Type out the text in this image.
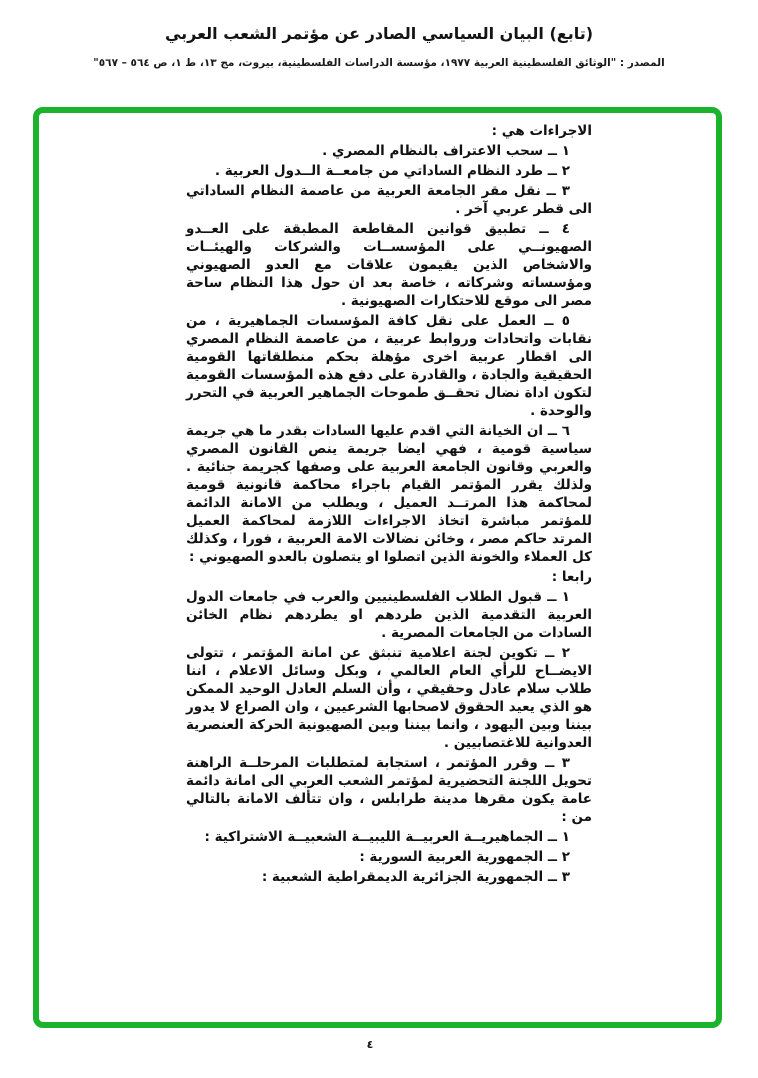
(تابع) البيان السياسي الصادر عن مؤتمر الشعب العربي
المصدر : "الوثائق الفلسطينية العربية ١٩٧٧، مؤسسة الدراسات الفلسطينية، بيروت، مج ١٣، ط ١، ص ٥٦٤ – ٥٦٧"

الاجراءات هي :

١ ــ سحب الاعتراف بالنظام المصري .

٢ ــ طرد النظام الساداتي من جامعــة الــدول العربية .

٣ ــ نقل مقر الجامعة العربية من عاصمة النظام الساداتي الى قطر عربي آخر .

٤ ــ تطبيق قوانين المقاطعة المطبقة على العــدو الصهيونــي على المؤسســات والشركات والهيئــات والاشخاص الذين يقيمون علاقات مع العدو الصهيوني ومؤسساته وشركاته ، خاصة بعد ان حول هذا النظام ساحة مصر الى موقع للاحتكارات الصهيونية .

٥ ــ العمل على نقل كافة المؤسسات الجماهيرية ، من نقابات واتحادات وروابط عربية ، من عاصمة النظام المصري الى اقطار عربية اخرى مؤهلة بحكم منطلقاتها القومية الحقيقية والجادة ، والقادرة على دفع هذه المؤسسات القومية لتكون اداة نضال تحقــق طموحات الجماهير العربية في التحرر والوحدة .

٦ ــ ان الخيانة التي اقدم عليها السادات بقدر ما هي جريمة سياسية قومية ، فهي ايضا جريمة ينص القانون المصري والعربي وقانون الجامعة العربية على وصفها كجريمة جنائية . ولذلك يقرر المؤتمر القيام باجراء محاكمة قانونية قومية لمحاكمة هذا المرتــد العميل ، ويطلب من الامانة الدائمة للمؤتمر مباشرة اتخاذ الاجراءات اللازمة لمحاكمة العميل المرتد حاكم مصر ، وخائن نضالات الامة العربية ، فورا ، وكذلك كل العملاء والخونة الذين اتصلوا او يتصلون بالعدو الصهيوني :

رابعا :

١ ــ قبول الطلاب الفلسطينيين والعرب في جامعات الدول العربية التقدمية الذين طردهم او يطردهم نظام الخائن السادات من الجامعات المصرية .

٢ ــ تكوين لجنة اعلامية تنبثق عن امانة المؤتمر ، تتولى الايضــاح للرأي العام العالمي ، وبكل وسائل الاعلام ، اننا طلاب سلام عادل وحقيقي ، وأن السلم العادل الوحيد الممكن هو الذي يعيد الحقوق لاصحابها الشرعيين ، وان الصراع لا يدور بيننا وبين اليهود ، وانما بيننا وبين الصهيونية الحركة العنصرية العدوانية للاغتصابيين .

٣ ــ وقرر المؤتمر ، استجابة لمتطلبات المرحلــة الراهنة تحويل اللجنة التحضيرية لمؤتمر الشعب العربي الى امانة دائمة عامة يكون مقرها مدينة طرابلس ، وان تتألف الامانة بالتالي من :

١ ــ الجماهيريــة العربيــة الليبيــة الشعبيــة الاشتراكية :

٢ ــ الجمهورية العربية السورية :

٣ ــ الجمهورية الجزائرية الديمقراطية الشعبية :

٤
